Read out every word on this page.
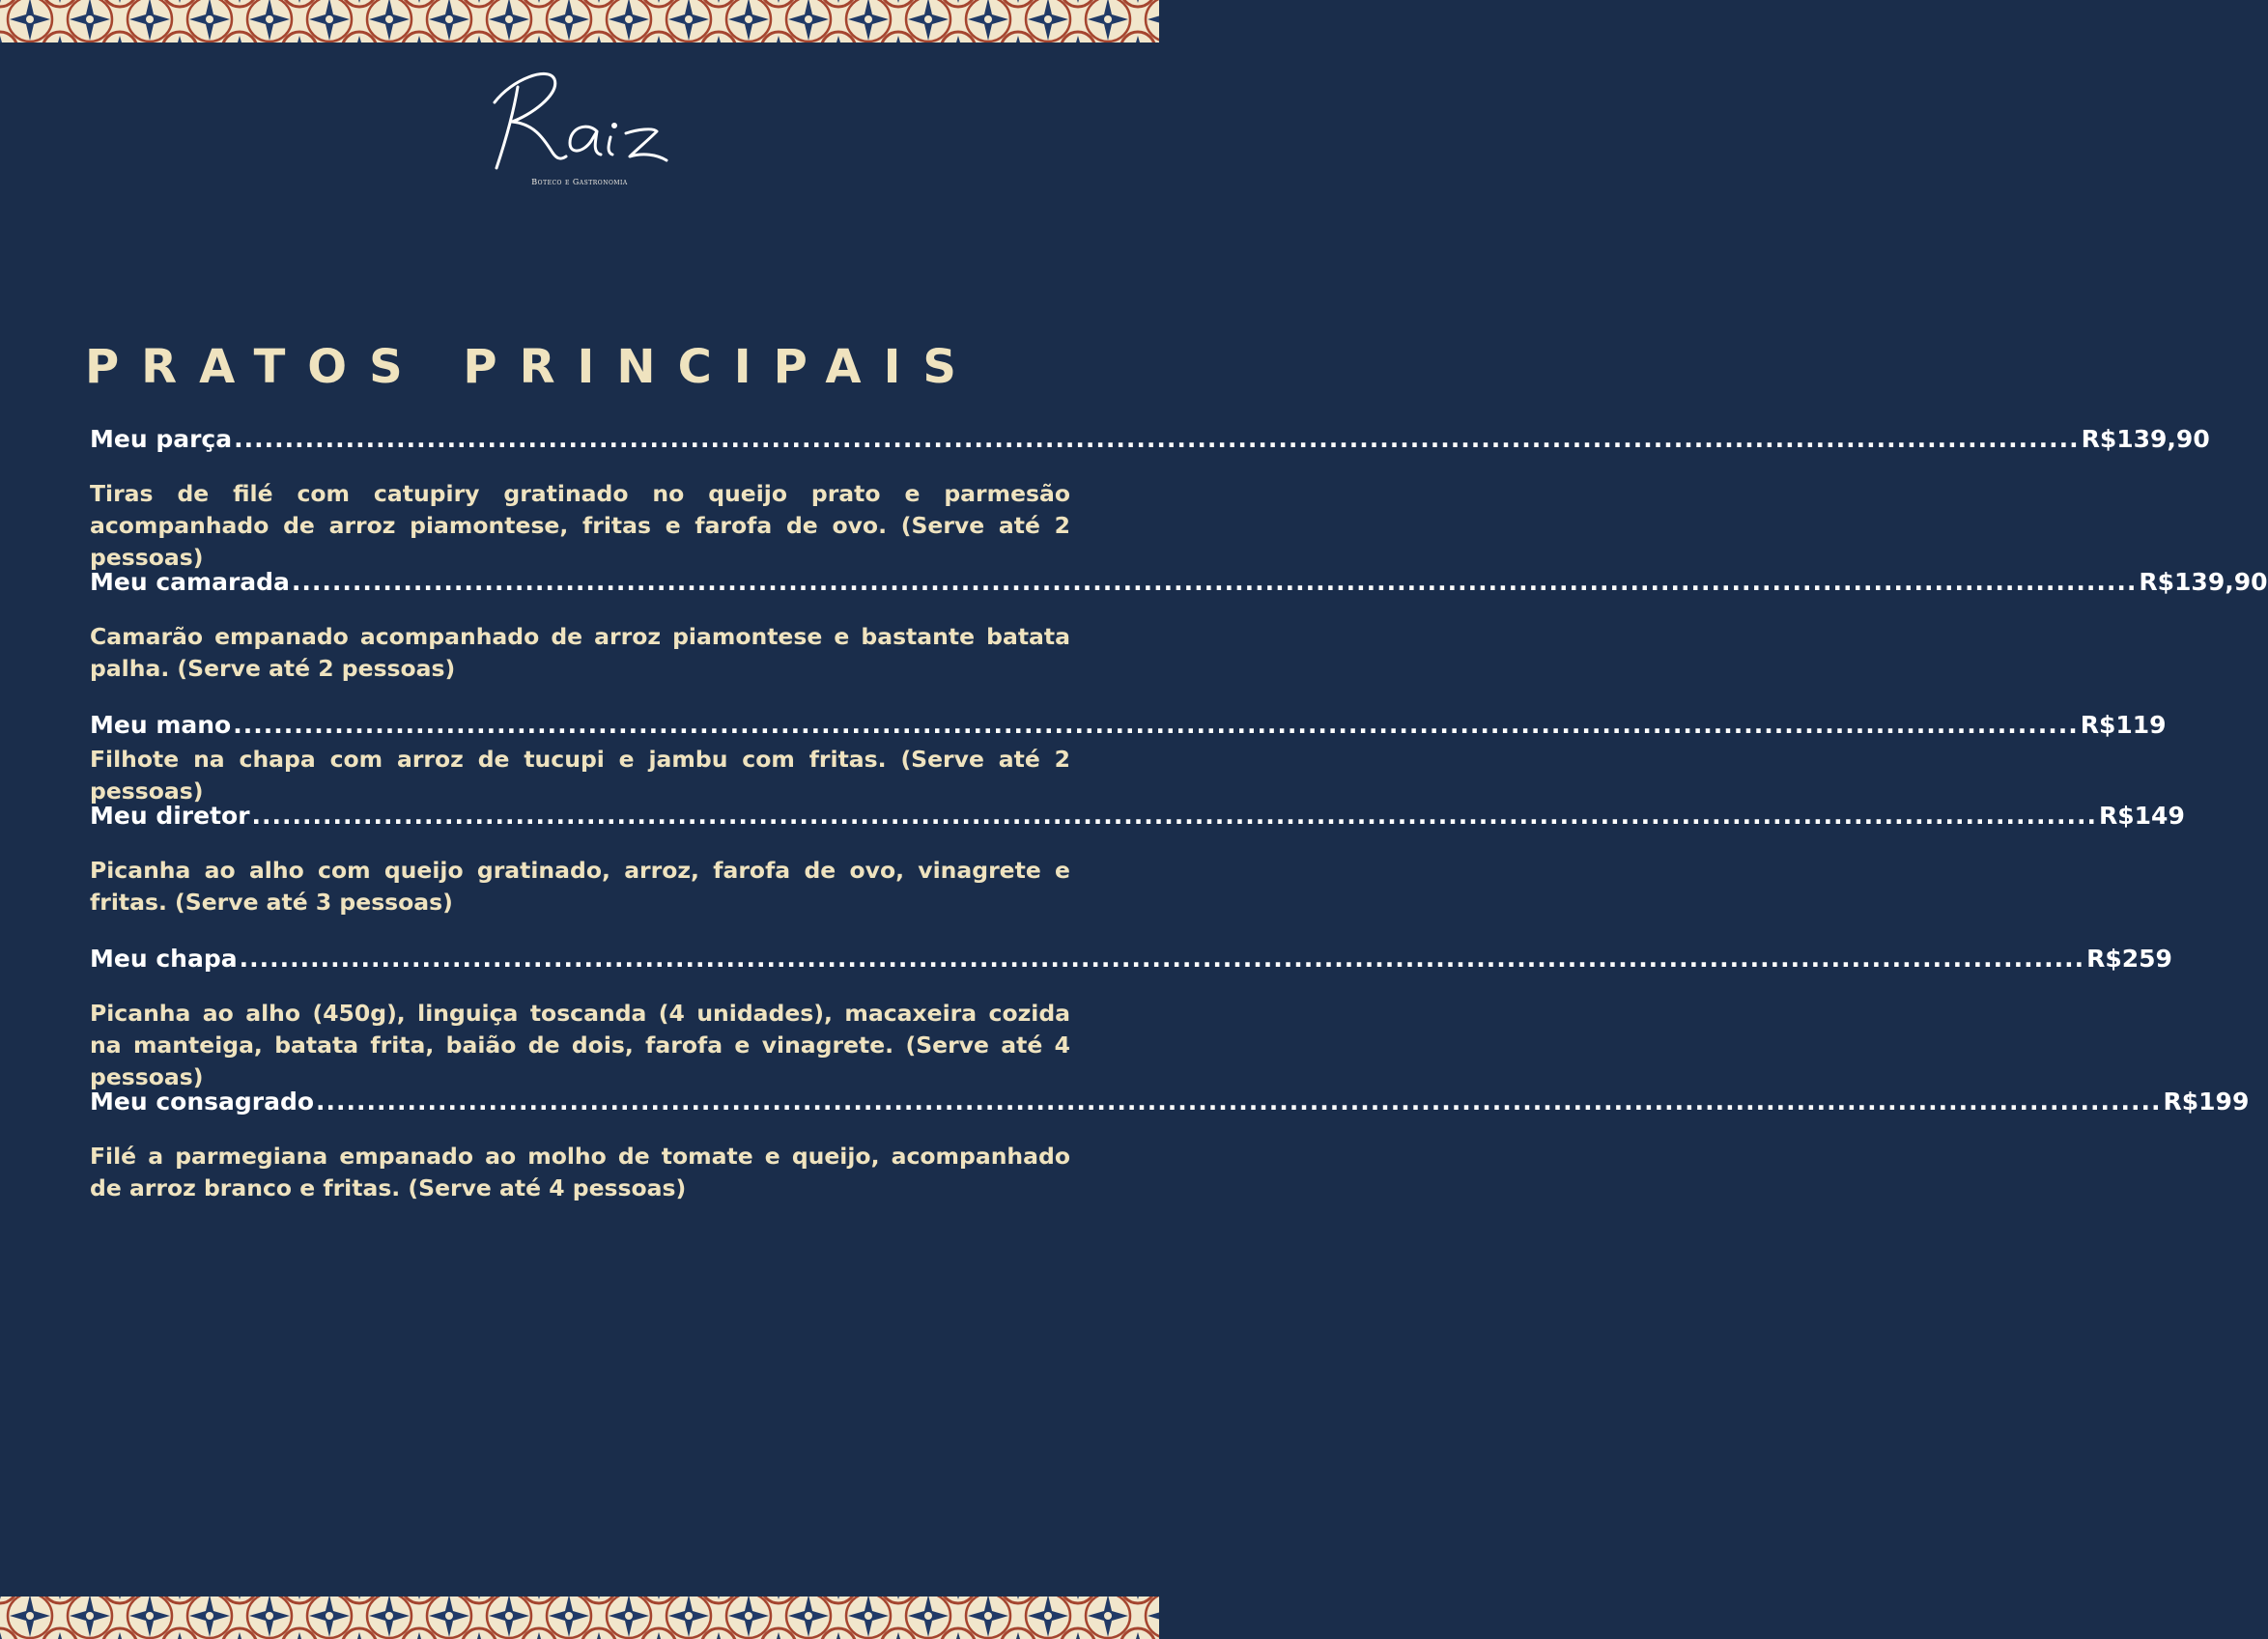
Raiz
Boteco e Gastronomia
PRATOS PRINCIPAIS
Meu parça ...................................................................................................................................................................................... R$139,90

Tiras de filé com catupiry gratinado no queijo prato e parmesão acompanhado de arroz piamontese, fritas e farofa de ovo. (Serve até 2 pessoas)

Meu camarada ...................................................................................................................................................................................... R$139,90

Camarão empanado acompanhado de arroz piamontese e bastante batata palha. (Serve até 2 pessoas)

Meu mano ...................................................................................................................................................................................... R$119

Filhote na chapa com arroz de tucupi e jambu com fritas. (Serve até 2 pessoas)

Meu diretor ...................................................................................................................................................................................... R$149

Picanha ao alho com queijo gratinado, arroz, farofa de ovo, vinagrete e fritas. (Serve até 3 pessoas)

Meu chapa ...................................................................................................................................................................................... R$259

Picanha ao alho (450g), linguiça toscanda (4 unidades), macaxeira cozida na manteiga, batata frita, baião de dois, farofa e vinagrete. (Serve até 4 pessoas)

Meu consagrado ...................................................................................................................................................................................... R$199

Filé a parmegiana empanado ao molho de tomate e queijo, acompanhado de arroz branco e fritas. (Serve até 4 pessoas)
